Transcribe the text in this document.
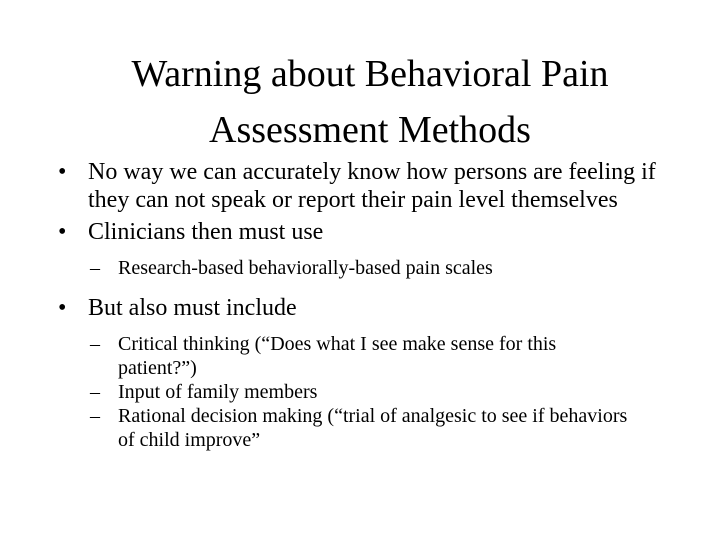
Warning about Behavioral Pain
Assessment Methods
• No way we can accurately know how persons are feeling if they can not speak or report their pain level themselves
• Clinicians then must use
– Research-based behaviorally-based pain scales
• But also must include
– Critical thinking (“Does what I see make sense for this patient?”)
– Input of family members
– Rational decision making (“trial of analgesic to see if behaviors of child improve”
